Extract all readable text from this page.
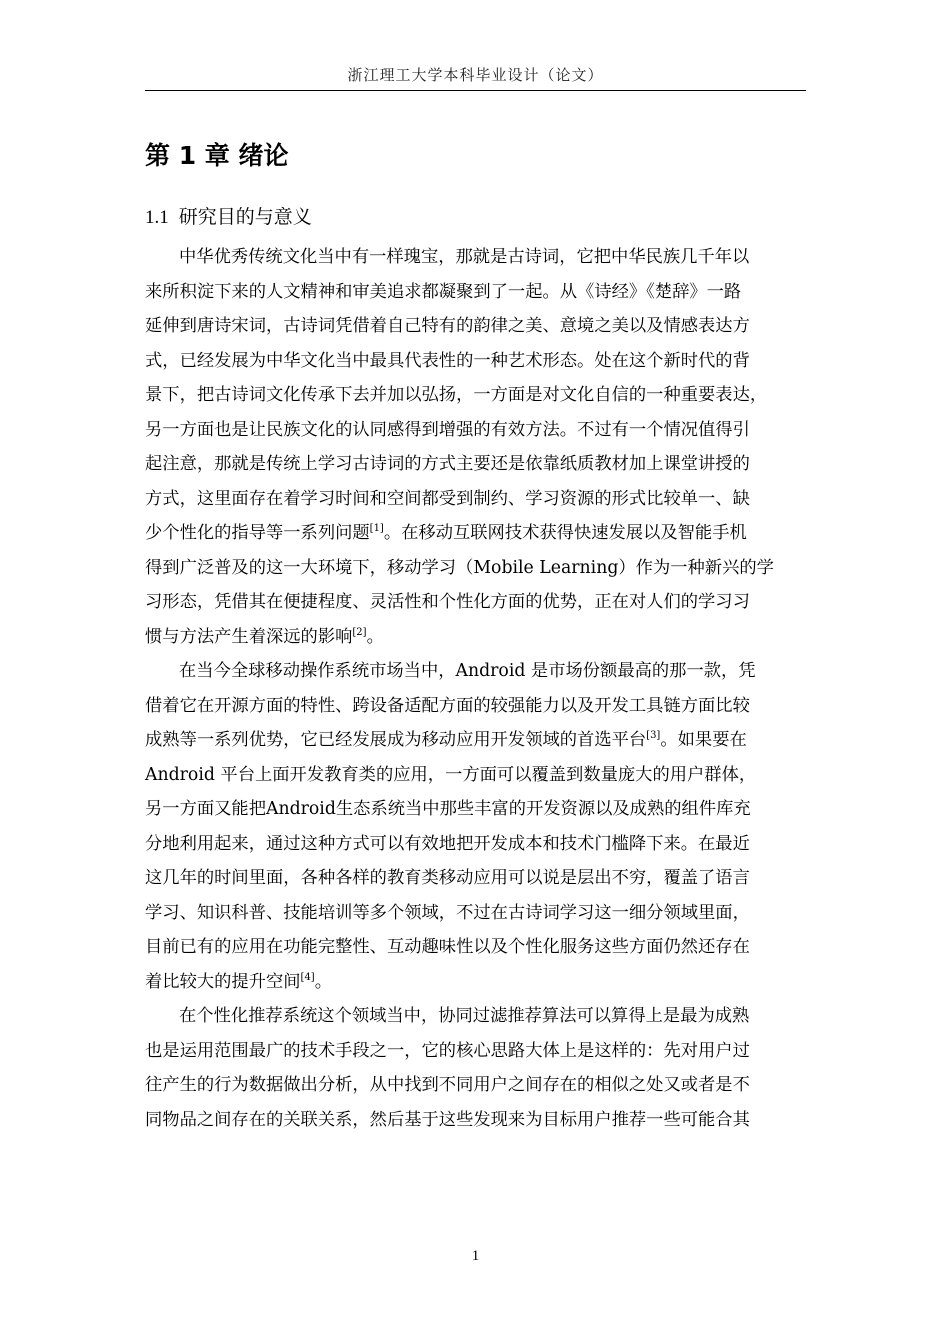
浙江理工大学本科毕业设计（论文）
第 1 章 绪论
1.1 研究目的与意义

中华优秀传统文化当中有一样瑰宝，那就是古诗词，它把中华民族几千年以
来所积淀下来的人文精神和审美追求都凝聚到了一起。从《诗经》《楚辞》一路
延伸到唐诗宋词，古诗词凭借着自己特有的韵律之美、意境之美以及情感表达方
式，已经发展为中华文化当中最具代表性的一种艺术形态。处在这个新时代的背
景下，把古诗词文化传承下去并加以弘扬，一方面是对文化自信的一种重要表达，
另一方面也是让民族文化的认同感得到增强的有效方法。不过有一个情况值得引
起注意，那就是传统上学习古诗词的方式主要还是依靠纸质教材加上课堂讲授的
方式，这里面存在着学习时间和空间都受到制约、学习资源的形式比较单一、缺
少个性化的指导等一系列问题[1]。在移动互联网技术获得快速发展以及智能手机
得到广泛普及的这一大环境下，移动学习（Mobile Learning）作为一种新兴的学
习形态，凭借其在便捷程度、灵活性和个性化方面的优势，正在对人们的学习习
惯与方法产生着深远的影响[2]。

在当今全球移动操作系统市场当中，Android 是市场份额最高的那一款，凭
借着它在开源方面的特性、跨设备适配方面的较强能力以及开发工具链方面比较
成熟等一系列优势，它已经发展成为移动应用开发领域的首选平台[3]。如果要在
Android 平台上面开发教育类的应用，一方面可以覆盖到数量庞大的用户群体，
另一方面又能把Android生态系统当中那些丰富的开发资源以及成熟的组件库充
分地利用起来，通过这种方式可以有效地把开发成本和技术门槛降下来。在最近
这几年的时间里面，各种各样的教育类移动应用可以说是层出不穷，覆盖了语言
学习、知识科普、技能培训等多个领域，不过在古诗词学习这一细分领域里面，
目前已有的应用在功能完整性、互动趣味性以及个性化服务这些方面仍然还存在
着比较大的提升空间[4]。

在个性化推荐系统这个领域当中，协同过滤推荐算法可以算得上是最为成熟
也是运用范围最广的技术手段之一，它的核心思路大体上是这样的：先对用户过
往产生的行为数据做出分析，从中找到不同用户之间存在的相似之处又或者是不
同物品之间存在的关联关系，然后基于这些发现来为目标用户推荐一些可能合其

1
